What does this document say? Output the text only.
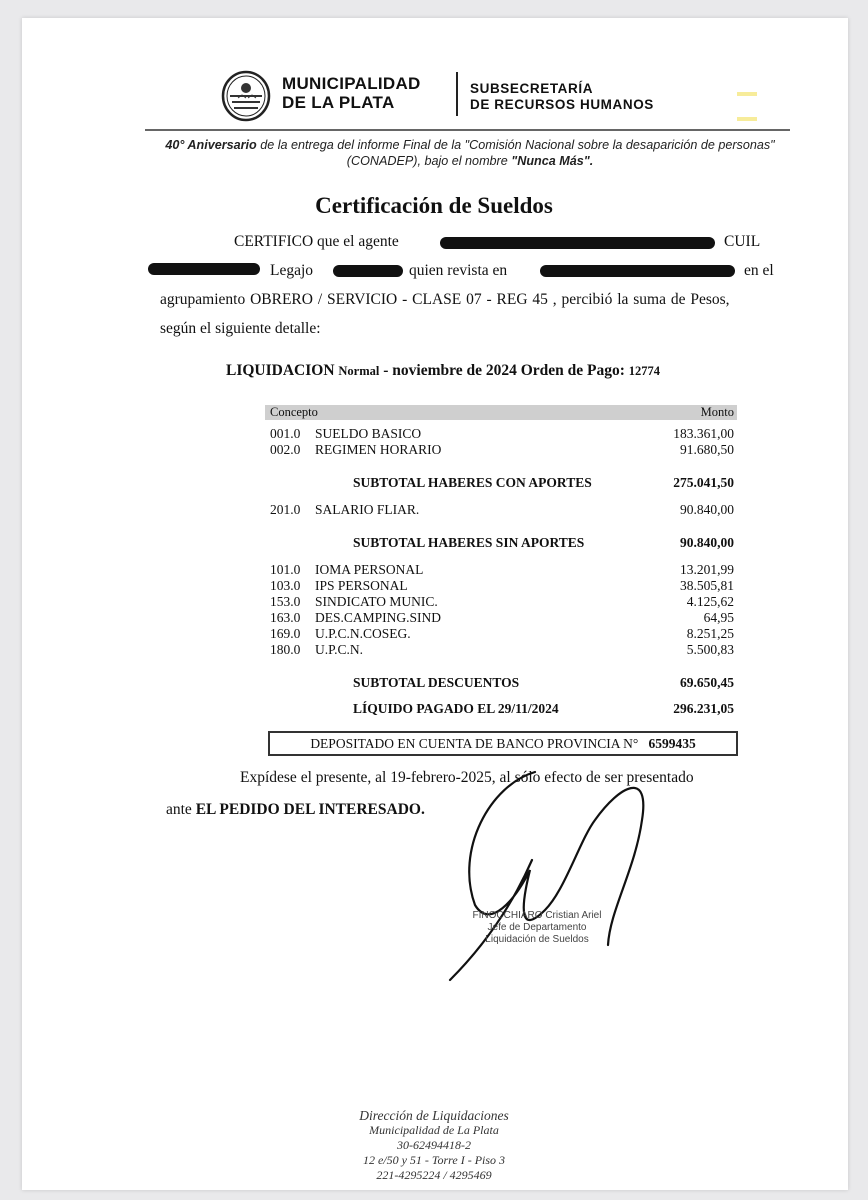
MUNICIPALIDAD
DE LA PLATA
SUBSECRETARÍA
DE RECURSOS HUMANOS
40° Aniversario de la entrega del informe Final de la "Comisión Nacional sobre la desaparición de personas" (CONADEP), bajo el nombre "Nunca Más".
Certificación de Sueldos
CERTIFICO que el agente	CUIL
Legajo	quien revista en	en el
agrupamiento OBRERO / SERVICIO - CLASE 07 - REG 45 , percibió la suma de Pesos,
según el siguiente detalle:
LIQUIDACION Normal - noviembre de 2024 Orden de Pago: 12774
Concepto	Monto
001.0 SUELDO BASICO	183.361,00
002.0 REGIMEN HORARIO	91.680,50
SUBTOTAL HABERES CON APORTES	275.041,50
201.0 SALARIO FLIAR.	90.840,00
SUBTOTAL HABERES SIN APORTES	90.840,00
101.0 IOMA PERSONAL	13.201,99
103.0 IPS PERSONAL	38.505,81
153.0 SINDICATO MUNIC.	4.125,62
163.0 DES.CAMPING.SIND	64,95
169.0 U.P.C.N.COSEG.	8.251,25
180.0 U.P.C.N.	5.500,83
SUBTOTAL DESCUENTOS	69.650,45
LÍQUIDO PAGADO EL 29/11/2024	296.231,05
DEPOSITADO EN CUENTA DE BANCO PROVINCIA N° 6599435
Expídese el presente, al 19-febrero-2025, al sólo efecto de ser presentado
ante EL PEDIDO DEL INTERESADO.
FINOCCHIARO Cristian Ariel
Jefe de Departamento
Liquidación de Sueldos
Dirección de Liquidaciones
Municipalidad de La Plata
30-62494418-2
12 e/50 y 51 - Torre I - Piso 3
221-4295224 / 4295469
